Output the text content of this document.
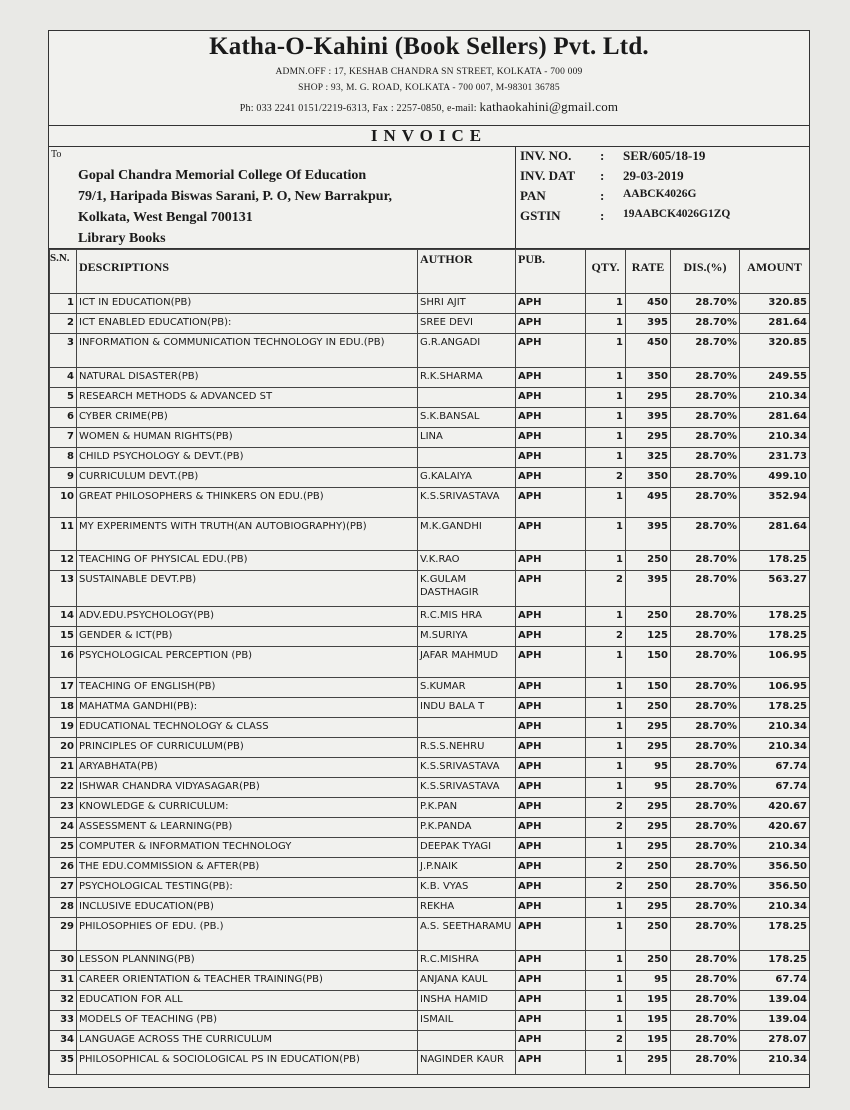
Katha-O-Kahini (Book Sellers) Pvt. Ltd.
ADMN.OFF : 17, KESHAB CHANDRA SN STREET, KOLKATA - 700 009
SHOP : 93, M. G. ROAD, KOLKATA - 700 007, M-98301 36785
Ph: 033 2241 0151/2219-6313, Fax : 2257-0850, e-mail: kathaokahini@gmail.com
INVOICE
To
Gopal Chandra Memorial College Of Education
79/1, Haripada Biswas Sarani, P. O, New Barrakpur,
Kolkata, West Bengal 700131
Library Books
INV. NO.	: SER/605/18-19
INV. DAT	: 29-03-2019
PAN	: AABCK4026G
GSTIN	: 19AABCK4026G1ZQ
S.N.	DESCRIPTIONS	AUTHOR	PUB.	QTY.	RATE	DIS.(%)	AMOUNT
1	ICT IN EDUCATION(PB)	SHRI AJIT	APH	1	450	28.70%	320.85
2	ICT ENABLED EDUCATION(PB):	SREE DEVI	APH	1	395	28.70%	281.64
3	INFORMATION & COMMUNICATION TECHNOLOGY IN EDU.(PB)	G.R.ANGADI	APH	1	450	28.70%	320.85
4	NATURAL DISASTER(PB)	R.K.SHARMA	APH	1	350	28.70%	249.55
5	RESEARCH METHODS & ADVANCED ST		APH	1	295	28.70%	210.34
6	CYBER CRIME(PB)	S.K.BANSAL	APH	1	395	28.70%	281.64
7	WOMEN & HUMAN RIGHTS(PB)	LINA	APH	1	295	28.70%	210.34
8	CHILD PSYCHOLOGY & DEVT.(PB)		APH	1	325	28.70%	231.73
9	CURRICULUM DEVT.(PB)	G.KALAIYA	APH	2	350	28.70%	499.10
10	GREAT PHILOSOPHERS & THINKERS ON EDU.(PB)	K.S.SRIVASTAVA	APH	1	495	28.70%	352.94
11	MY EXPERIMENTS WITH TRUTH(AN AUTOBIOGRAPHY)(PB)	M.K.GANDHI	APH	1	395	28.70%	281.64
12	TEACHING OF PHYSICAL EDU.(PB)	V.K.RAO	APH	1	250	28.70%	178.25
13	SUSTAINABLE DEVT.PB)	K.GULAM DASTHAGIR	APH	2	395	28.70%	563.27
14	ADV.EDU.PSYCHOLOGY(PB)	R.C.MIS HRA	APH	1	250	28.70%	178.25
15	GENDER & ICT(PB)	M.SURIYA	APH	2	125	28.70%	178.25
16	PSYCHOLOGICAL PERCEPTION (PB)	JAFAR MAHMUD	APH	1	150	28.70%	106.95
17	TEACHING OF ENGLISH(PB)	S.KUMAR	APH	1	150	28.70%	106.95
18	MAHATMA GANDHI(PB):	INDU BALA T	APH	1	250	28.70%	178.25
19	EDUCATIONAL TECHNOLOGY & CLASS		APH	1	295	28.70%	210.34
20	PRINCIPLES OF CURRICULUM(PB)	R.S.S.NEHRU	APH	1	295	28.70%	210.34
21	ARYABHATA(PB)	K.S.SRIVASTAVA	APH	1	95	28.70%	67.74
22	ISHWAR CHANDRA VIDYASAGAR(PB)	K.S.SRIVASTAVA	APH	1	95	28.70%	67.74
23	KNOWLEDGE & CURRICULUM:	P.K.PAN	APH	2	295	28.70%	420.67
24	ASSESSMENT & LEARNING(PB)	P.K.PANDA	APH	2	295	28.70%	420.67
25	COMPUTER & INFORMATION TECHNOLOGY	DEEPAK TYAGI	APH	1	295	28.70%	210.34
26	THE EDU.COMMISSION & AFTER(PB)	J.P.NAIK	APH	2	250	28.70%	356.50
27	PSYCHOLOGICAL TESTING(PB):	K.B. VYAS	APH	2	250	28.70%	356.50
28	INCLUSIVE EDUCATION(PB)	REKHA	APH	1	295	28.70%	210.34
29	PHILOSOPHIES OF EDU. (PB.)	A.S. SEETHARAMU	APH	1	250	28.70%	178.25
30	LESSON PLANNING(PB)	R.C.MISHRA	APH	1	250	28.70%	178.25
31	CAREER ORIENTATION & TEACHER TRAINING(PB)	ANJANA KAUL	APH	1	95	28.70%	67.74
32	EDUCATION FOR ALL	INSHA HAMID	APH	1	195	28.70%	139.04
33	MODELS OF TEACHING (PB)	ISMAIL	APH	1	195	28.70%	139.04
34	LANGUAGE ACROSS THE CURRICULUM		APH	2	195	28.70%	278.07
35	PHILOSOPHICAL & SOCIOLOGICAL PS IN EDUCATION(PB)	NAGINDER KAUR	APH	1	295	28.70%	210.34
